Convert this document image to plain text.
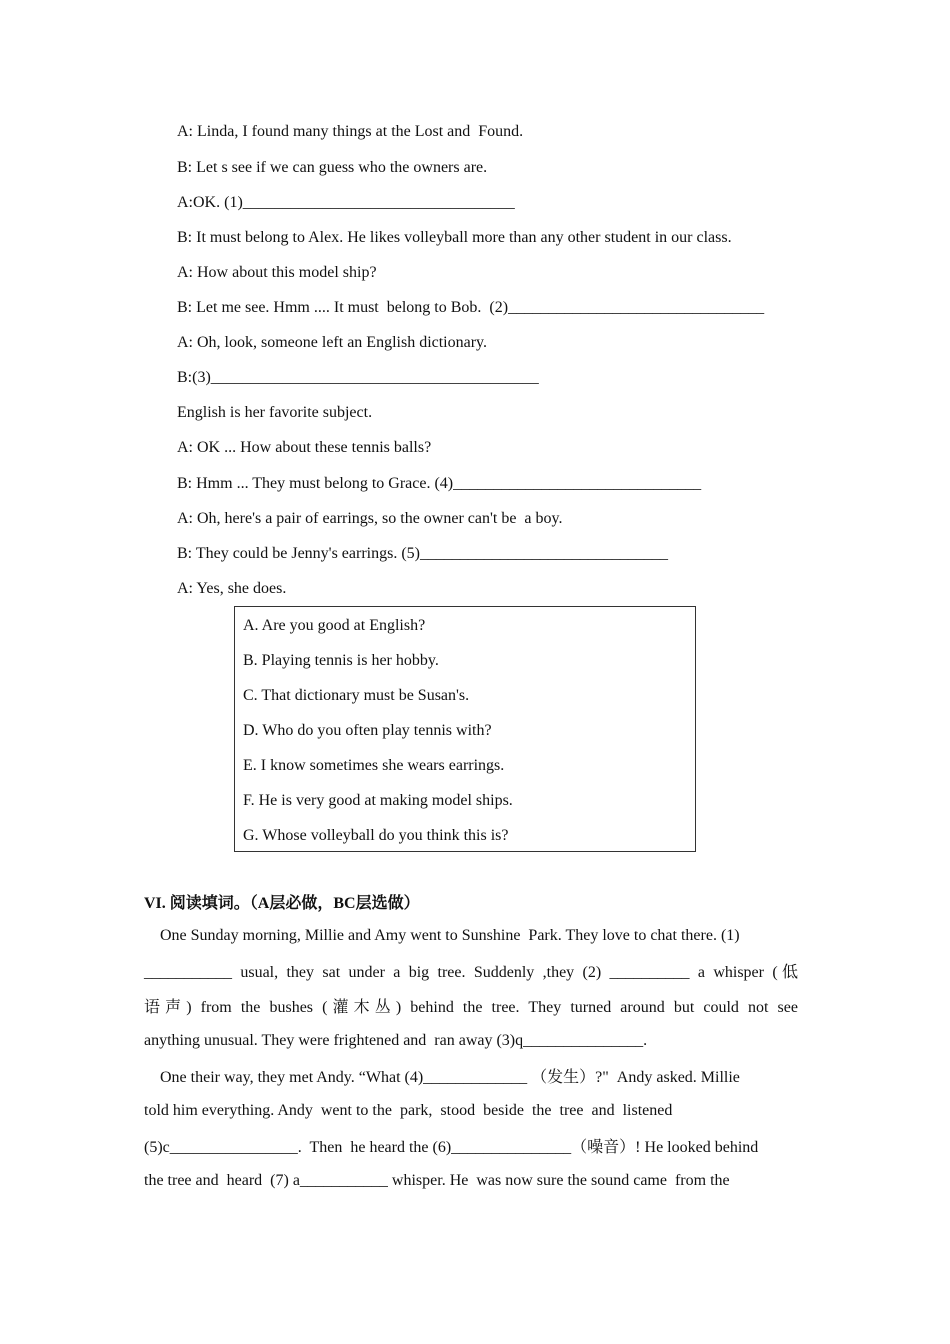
A: Linda, I found many things at the Lost and  Found.
B: Let s see if we can guess who the owners are.
A:OK. (1)__________________________________
B: It must belong to Alex. He likes volleyball more than any other student in our class.
A: How about this model ship?
B: Let me see. Hmm .... It must  belong to Bob.  (2)________________________________
A: Oh, look, someone left an English dictionary.
B:(3)_________________________________________
English is her favorite subject.
A: OK ... How about these tennis balls?
B: Hmm ... They must belong to Grace. (4)_______________________________
A: Oh, here's a pair of earrings, so the owner can't be  a boy.
B: They could be Jenny's earrings. (5)_______________________________
A: Yes, she does.
A. Are you good at English?
B. Playing tennis is her hobby.
C. That dictionary must be Susan's.
D. Who do you often play tennis with?
E. I know sometimes she wears earrings.
F. He is very good at making model ships.
G. Whose volleyball do you think this is?
VI. 阅读填词。（A层必做，BC层选做）
One Sunday morning, Millie and Amy went to Sunshine  Park. They love to chat there. (1)
___________ usual, they sat under a big tree. Suddenly ,they (2) __________ a whisper (低
语声) from the bushes (灌木丛) behind the tree. They turned around but could not see
anything unusual. They were frightened and  ran away (3)q_______________.
One their way, they met Andy. “What (4)_____________ （发生）?"  Andy asked. Millie
told him everything. Andy  went to the  park,  stood  beside  the  tree  and  listened
(5)c________________.  Then  he heard the (6)_______________（噪音）! He looked behind
the tree and  heard  (7) a___________ whisper. He  was now sure the sound came  from the
